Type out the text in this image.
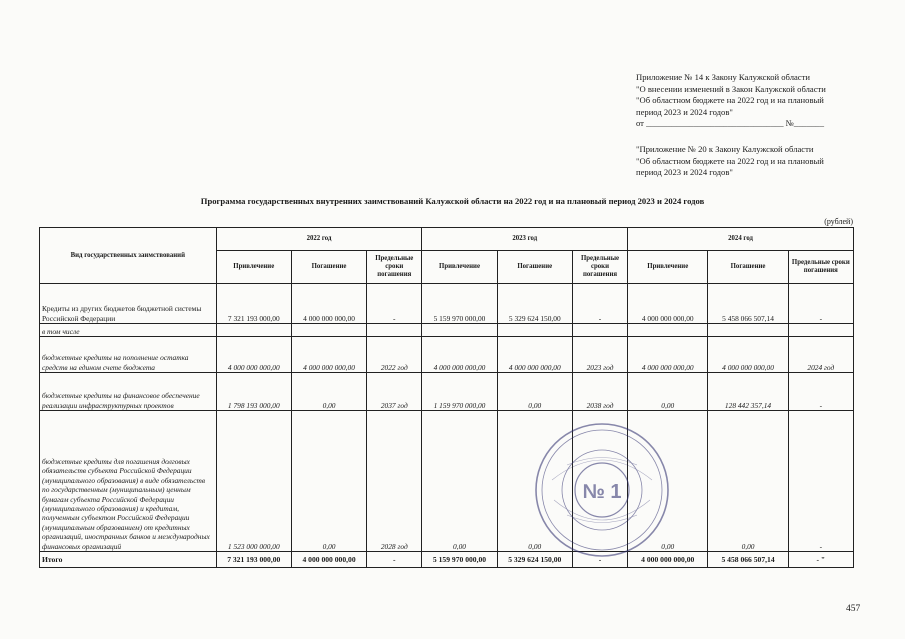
Приложение № 14 к Закону Калужской области
"О внесении изменений в Закон Калужской области
"Об областном бюджете на 2022 год и на плановый
период 2023 и 2024 годов"
от ________________________________ №_______
"Приложение № 20 к Закону Калужской области
"Об областном бюджете на 2022 год и на плановый
период 2023 и 2024 годов"
Программа государственных внутренних заимствований Калужской области на 2022 год и на плановый период 2023 и 2024 годов
(рублей)
Вид государственных заимствований	2022 год			2023 год			2024 год		
	Привлечение	Погашение	Предельные сроки погашения	Привлечение	Погашение	Предельные сроки погашения	Привлечение	Погашение	Предельные сроки погашения
Кредиты из других бюджетов бюджетной системы Российской Федерации	7 321 193 000,00	4 000 000 000,00	-	5 159 970 000,00	5 329 624 150,00	-	4 000 000 000,00	5 458 066 507,14	-
в том числе									
бюджетные кредиты на пополнение остатка средств на едином счете бюджета	4 000 000 000,00	4 000 000 000,00	2022 год	4 000 000 000,00	4 000 000 000,00	2023 год	4 000 000 000,00	4 000 000 000,00	2024 год
бюджетные кредиты на финансовое обеспечение реализации инфраструктурных проектов	1 798 193 000,00	0,00	2037 год	1 159 970 000,00	0,00	2038 год	0,00	128 442 357,14	-
бюджетные кредиты для погашения долговых обязательств субъекта Российской Федерации (муниципального образования) в виде обязательств по государственным (муниципальным) ценным бумагам субъекта Российской Федерации (муниципального образования) и кредитам, полученным субъектом Российской Федерации (муниципальным образованием) от кредитных организаций, иностранных банков и международных финансовых организаций	1 523 000 000,00	0,00	2028 год	0,00	0,00		0,00	0,00	-
Итого	7 321 193 000,00	4 000 000 000,00	-	5 159 970 000,00	5 329 624 150,00	-	4 000 000 000,00	5 458 066 507,14	- "
№ 1
457
